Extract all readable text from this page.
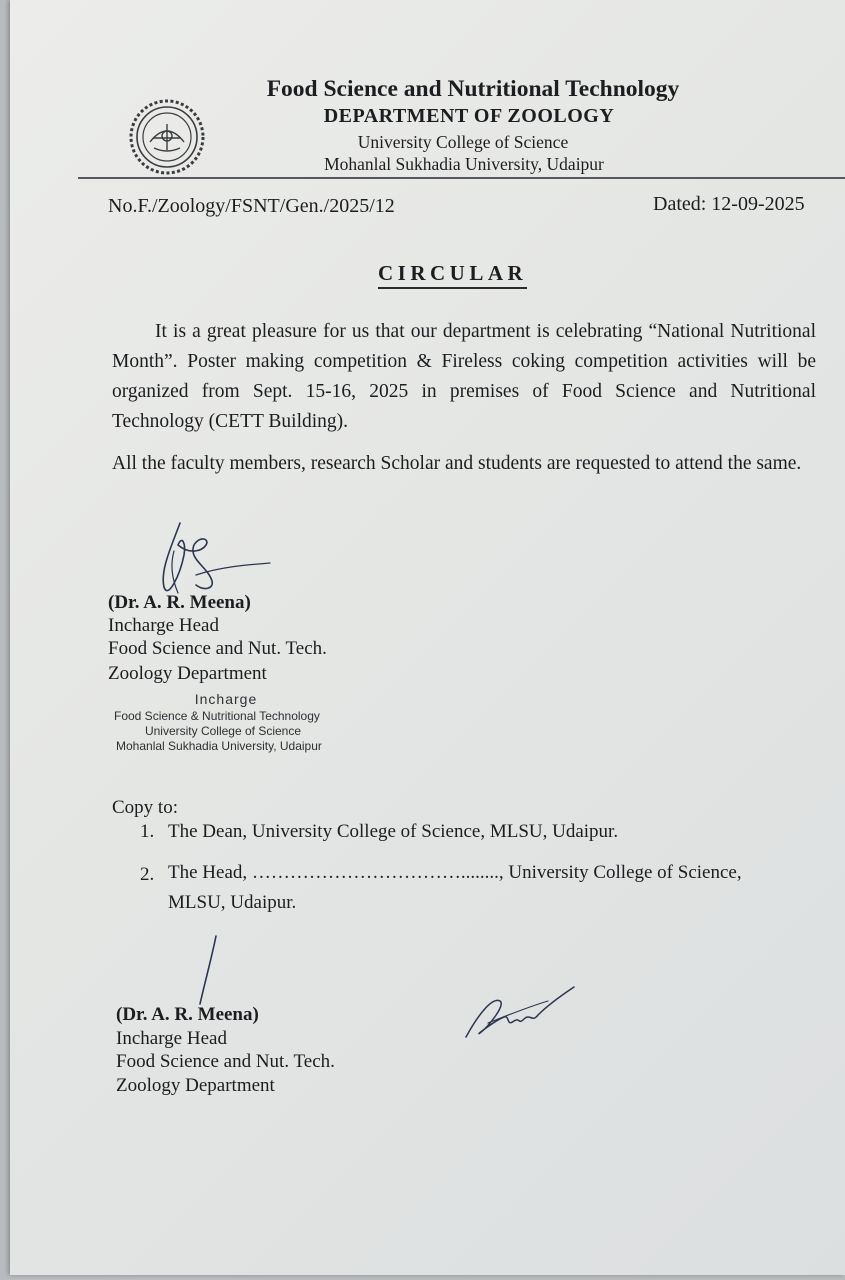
Food Science and Nutritional Technology
DEPARTMENT OF ZOOLOGY
University College of Science
Mohanlal Sukhadia University, Udaipur
No.F./Zoology/FSNT/Gen./2025/12	Dated: 12-09-2025
CIRCULAR
It is a great pleasure for us that our department is celebrating “National Nutritional Month”. Poster making competition & Fireless coking competition activities will be organized from Sept. 15-16, 2025 in premises of Food Science and Nutritional Technology (CETT Building).
All the faculty members, research Scholar and students are requested to attend the same.
(Dr. A. R. Meena)
Incharge Head
Food Science and Nut. Tech.
Zoology Department
Incharge
Food Science & Nutritional Technology
University College of Science
Mohanlal Sukhadia University, Udaipur
Copy to:
1. The Dean, University College of Science, MLSU, Udaipur.
2. The Head, ……………………………........, University College of Science,
MLSU, Udaipur.
(Dr. A. R. Meena)
Incharge Head
Food Science and Nut. Tech.
Zoology Department
